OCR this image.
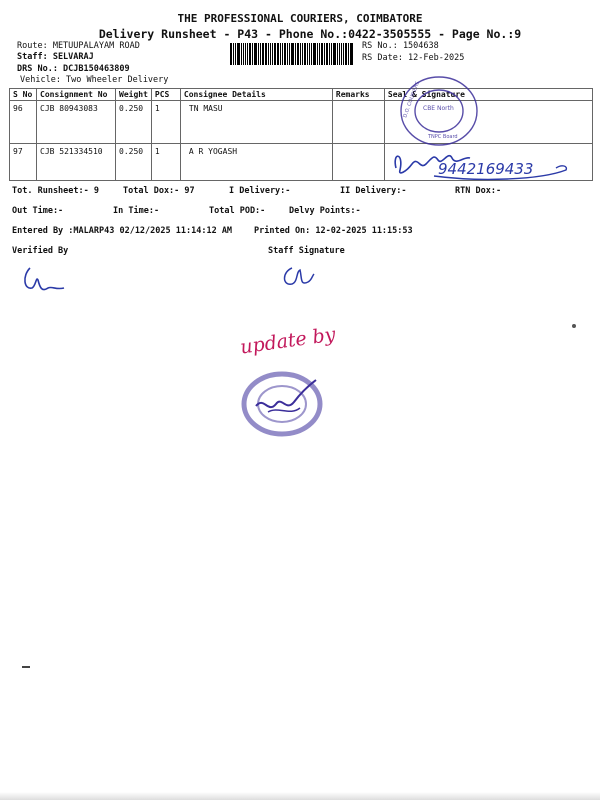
THE PROFESSIONAL COURIERS, COIMBATORE
Delivery Runsheet - P43 - Phone No.:0422-3505555 - Page No.:9
Route: METUUPALAYAM ROAD
Staff: SELVARAJ
DRS No.: DCJB150463809
Vehicle: Two Wheeler Delivery
RS No.: 1504638
RS Date: 12-Feb-2025
S No	Consignment No	Weight	PCS	Consignee Details	Remarks	Seal & Signature
96	CJB 80943083	0.250	1	TN MASU		
97	CJB 521334510	0.250	1	A R YOGASH		
CBE North
TNPC Board
D.O. COURIERS
9442169433
Tot. Runsheet:- 9	Total Dox:- 97	I Delivery:-	II Delivery:-	RTN Dox:-
Out Time:-	In Time:-	Total POD:-	Delvy Points:-
Entered By :MALARP43 02/12/2025 11:14:12 AM	Printed On: 12-02-2025 11:15:53
Verified By	Staff Signature
update by
